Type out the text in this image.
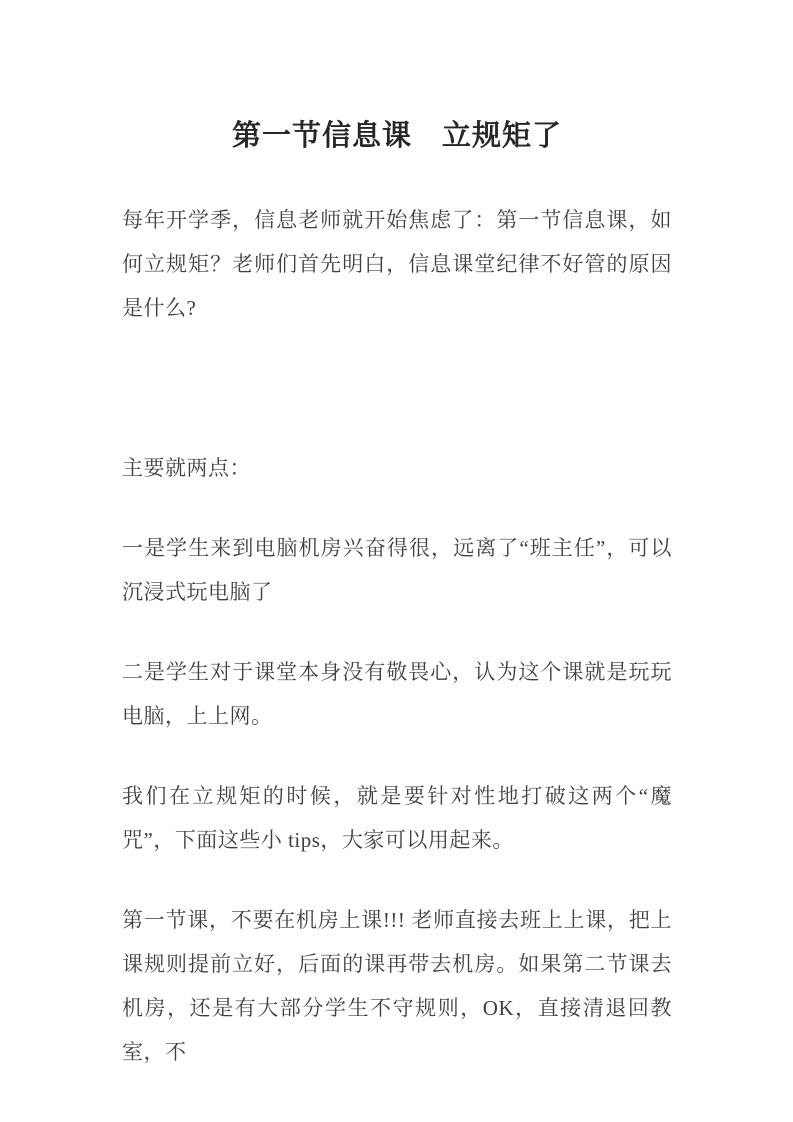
第一节信息课　立规矩了

每年开学季，信息老师就开始焦虑了：第一节信息课，如何立规矩？老师们首先明白，信息课堂纪律不好管的原因是什么?

主要就两点：

一是学生来到电脑机房兴奋得很，远离了“班主任”，可以沉浸式玩电脑了

二是学生对于课堂本身没有敬畏心，认为这个课就是玩玩电脑，上上网。

我们在立规矩的时候，就是要针对性地打破这两个“魔咒”，下面这些小 tips，大家可以用起来。

第一节课，不要在机房上课!!! 老师直接去班上上课，把上课规则提前立好，后面的课再带去机房。如果第二节课去机房，还是有大部分学生不守规则，OK，直接清退回教室，不
